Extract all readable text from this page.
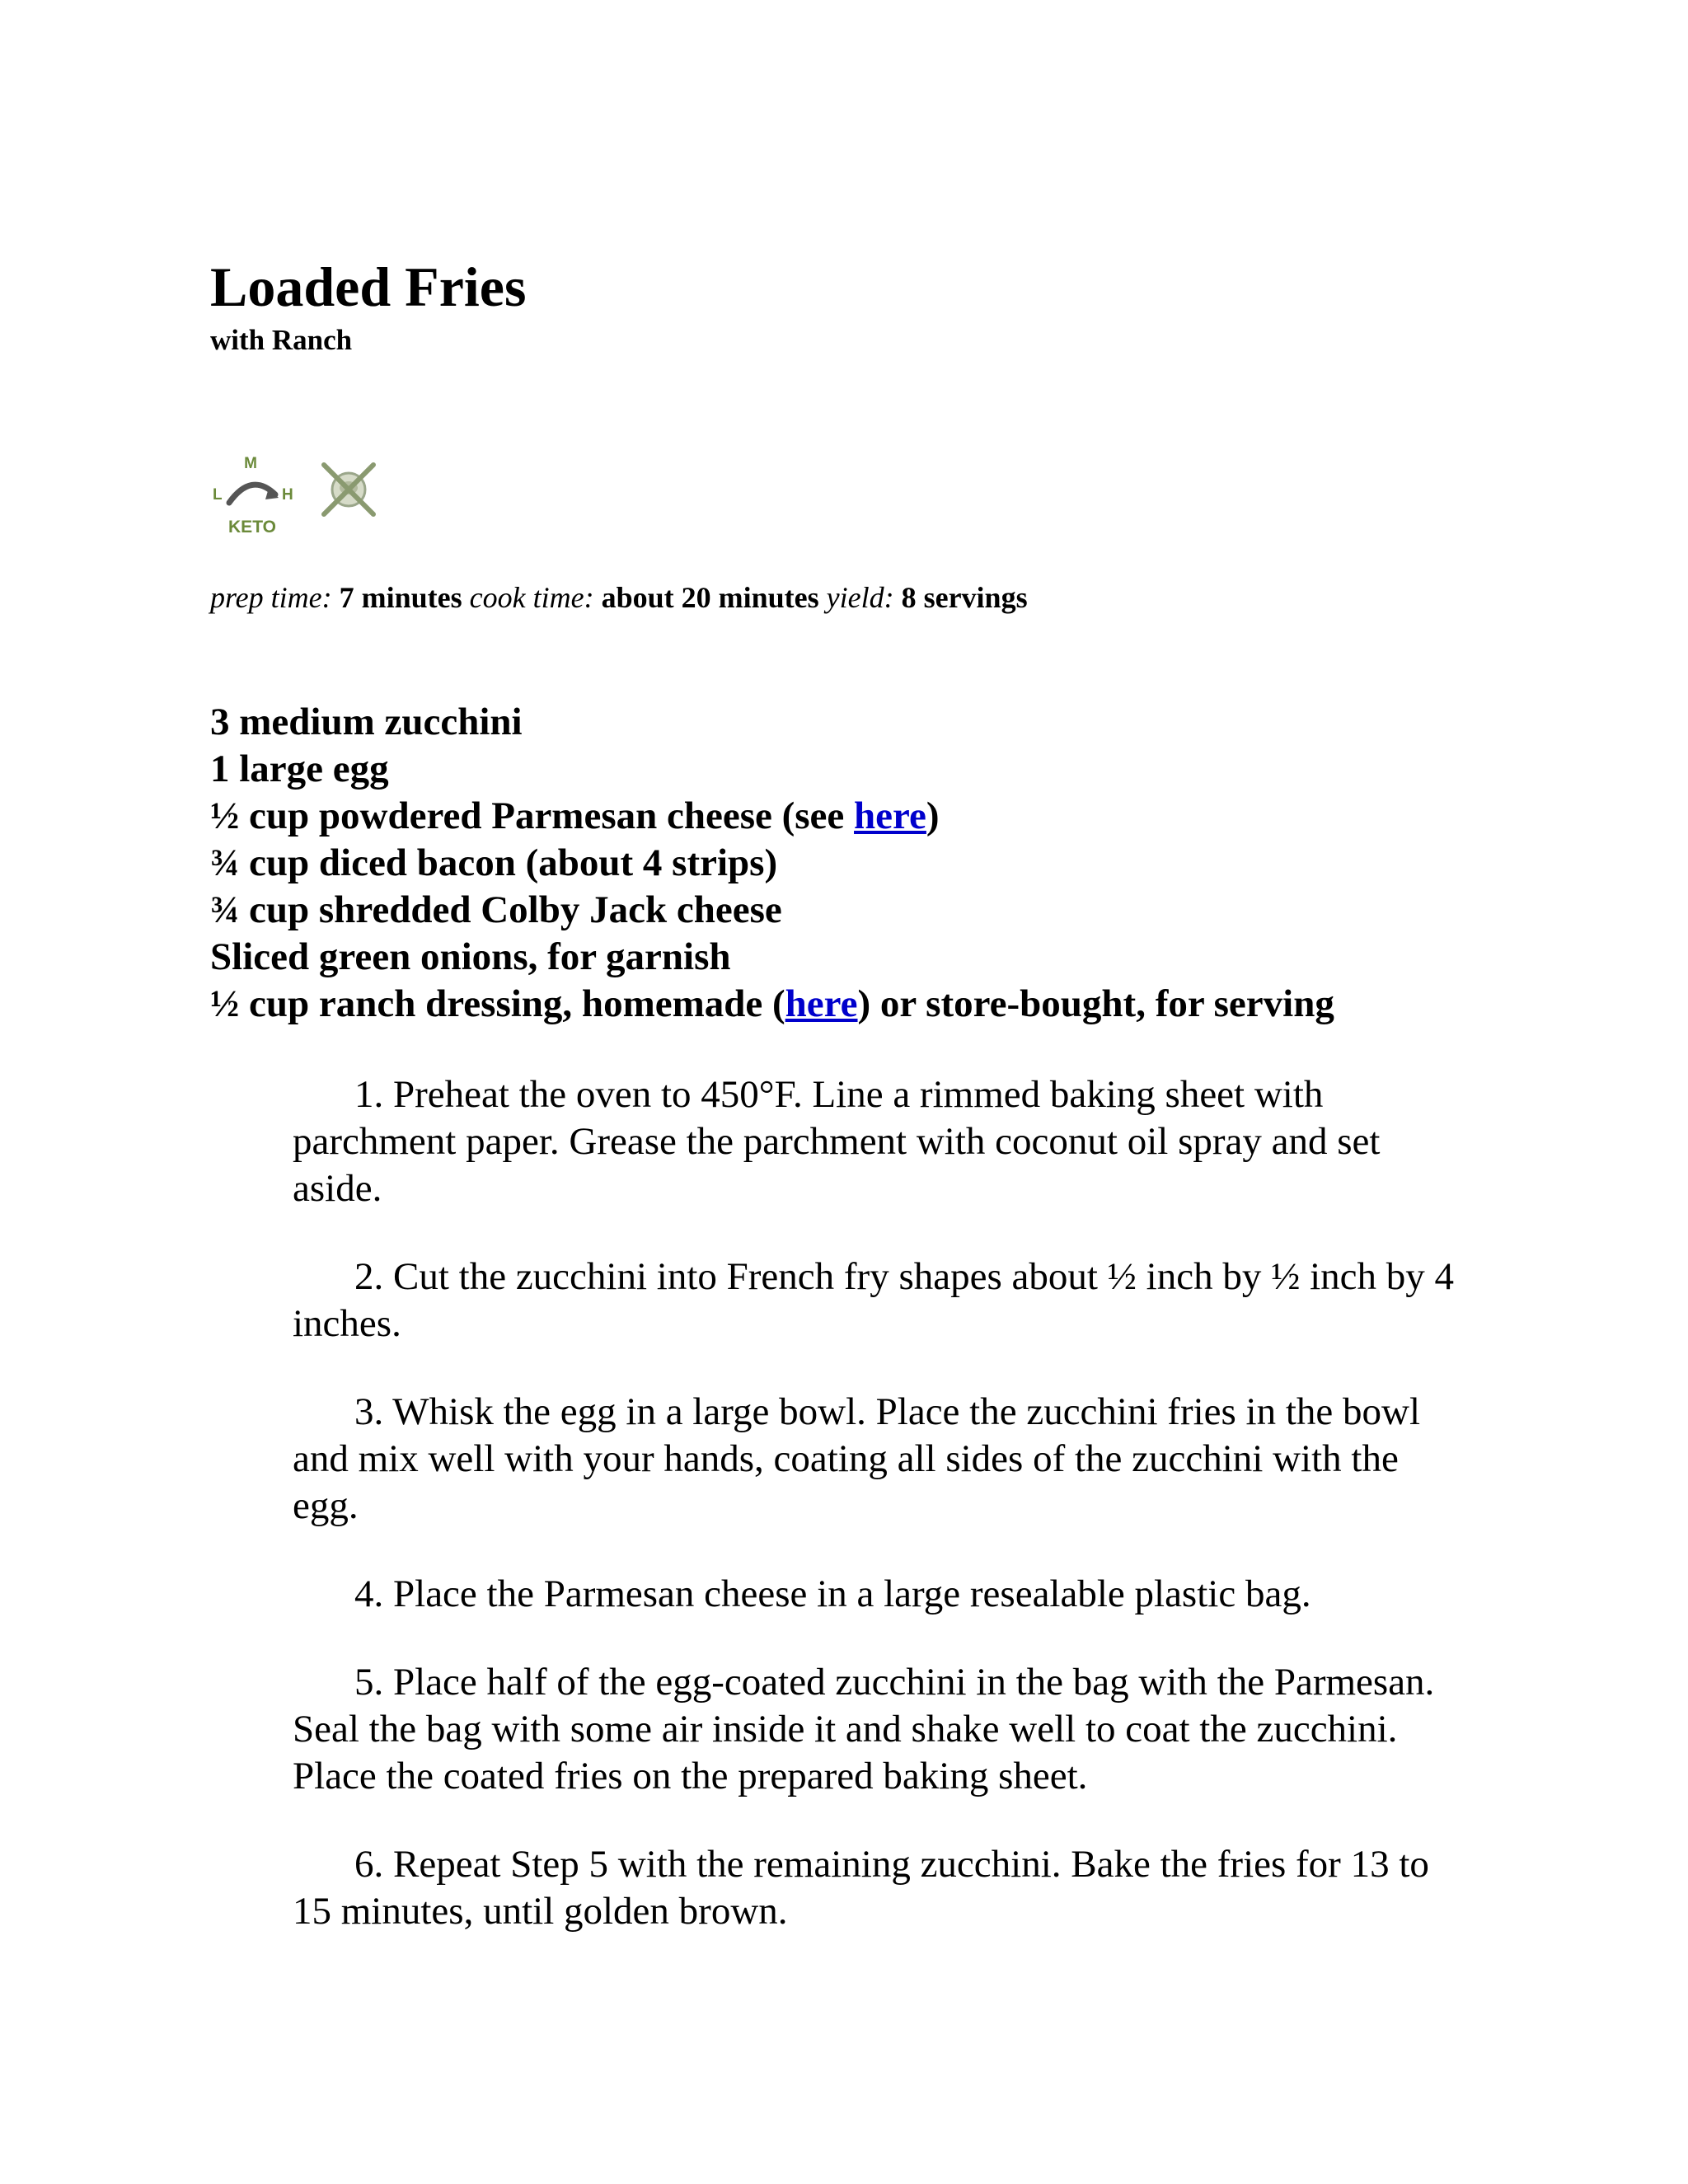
Loaded Fries
with Ranch
M
L	H
KETO
prep time: 7 minutes cook time: about 20 minutes yield: 8 servings
3 medium zucchini
1 large egg
½ cup powdered Parmesan cheese (see here)
¾ cup diced bacon (about 4 strips)
¾ cup shredded Colby Jack cheese
Sliced green onions, for garnish
½ cup ranch dressing, homemade (here) or store-bought, for serving

1. Preheat the oven to 450°F. Line a rimmed baking sheet with parchment paper. Grease the parchment with coconut oil spray and set aside.

2. Cut the zucchini into French fry shapes about ½ inch by ½ inch by 4 inches.

3. Whisk the egg in a large bowl. Place the zucchini fries in the bowl and mix well with your hands, coating all sides of the zucchini with the egg.

4. Place the Parmesan cheese in a large resealable plastic bag.

5. Place half of the egg-coated zucchini in the bag with the Parmesan. Seal the bag with some air inside it and shake well to coat the zucchini. Place the coated fries on the prepared baking sheet.

6. Repeat Step 5 with the remaining zucchini. Bake the fries for 13 to 15 minutes, until golden brown.
